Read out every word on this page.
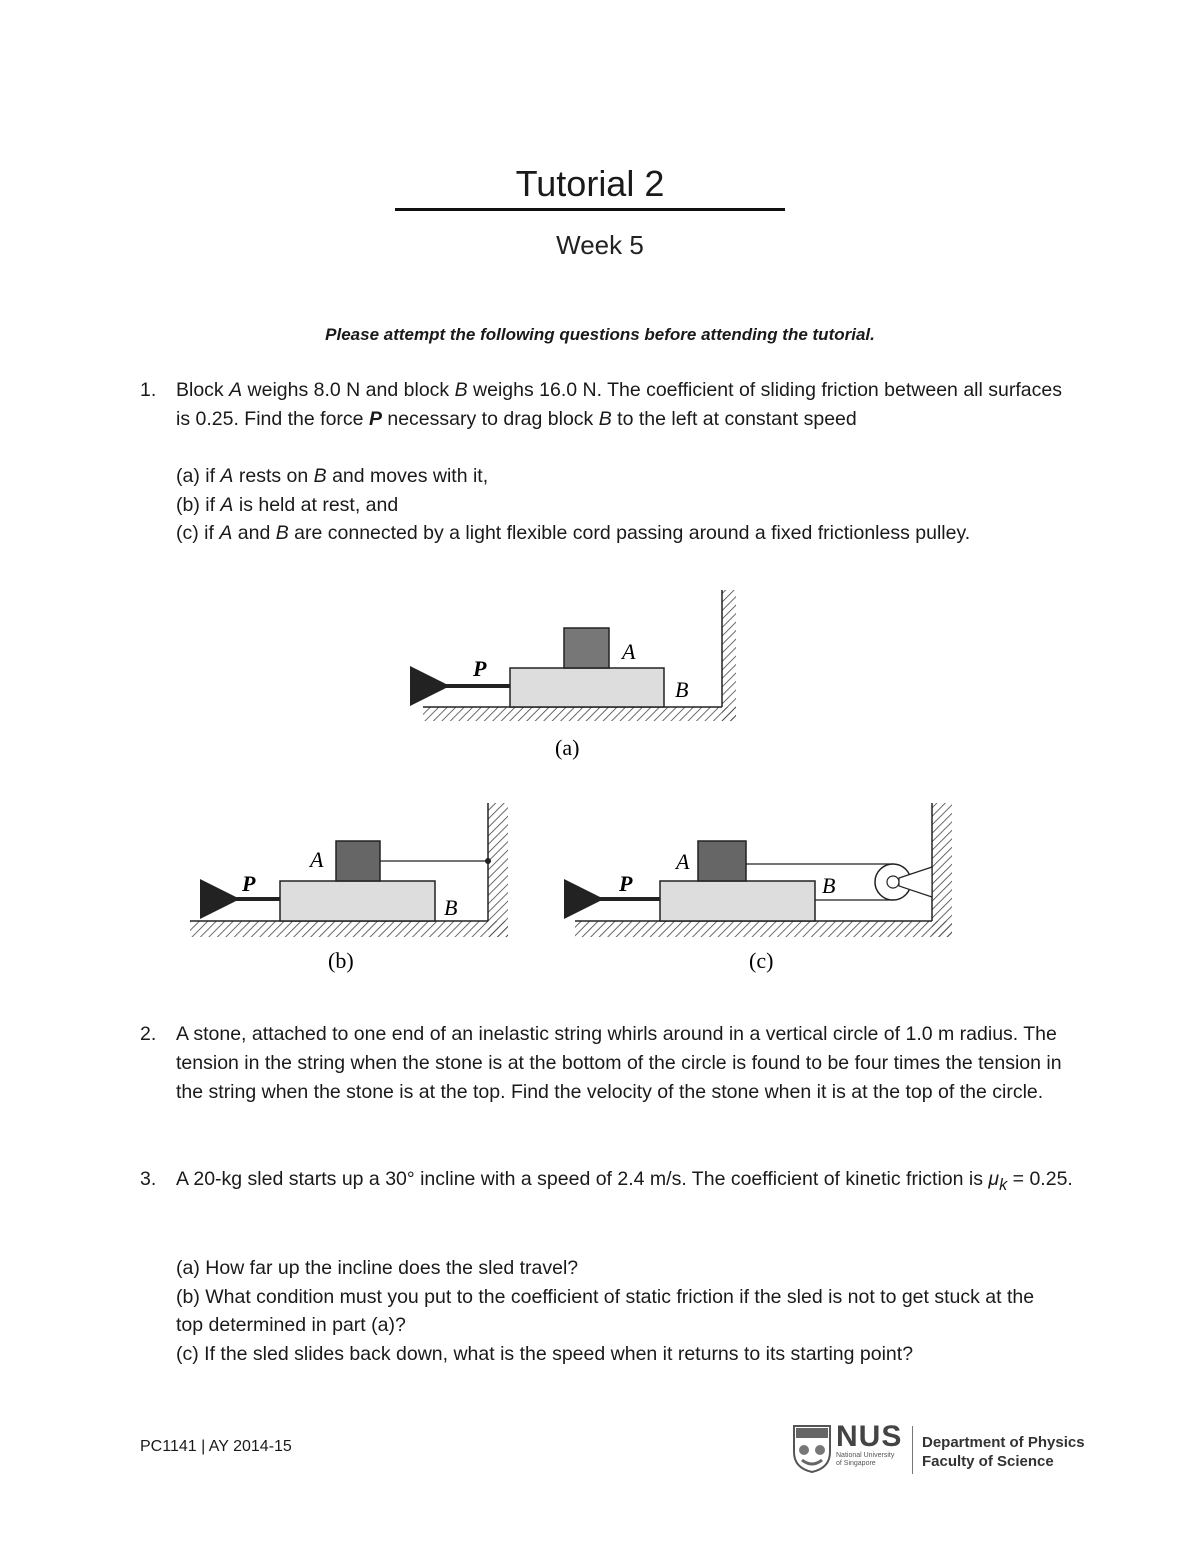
Tutorial 2
Week 5
Please attempt the following questions before attending the tutorial.
1.	Block A weighs 8.0 N and block B weighs 16.0 N. The coefficient of sliding friction between all surfaces is 0.25. Find the force P necessary to drag block B to the left at constant speed
(a) if A rests on B and moves with it,
(b) if A is held at rest, and
(c) if A and B are connected by a light flexible cord passing around a fixed frictionless pulley.
P
A
B
(a)
P
A
B
(b)
P
A
B
(c)
2.	A stone, attached to one end of an inelastic string whirls around in a vertical circle of 1.0 m radius. The tension in the string when the stone is at the bottom of the circle is found to be four times the tension in the string when the stone is at the top. Find the velocity of the stone when it is at the top of the circle.
3.	A 20-kg sled starts up a 30° incline with a speed of 2.4 m/s. The coefficient of kinetic friction is $\mu_k = 0.25$.
(a) How far up the incline does the sled travel?
(b) What condition must you put to the coefficient of static friction if the sled is not to get stuck at the top determined in part (a)?
(c) If the sled slides back down, what is the speed when it returns to its starting point?
PC1141 | AY 2014-15	NUS
National University
of Singapore
Department of Physics
Faculty of Science
